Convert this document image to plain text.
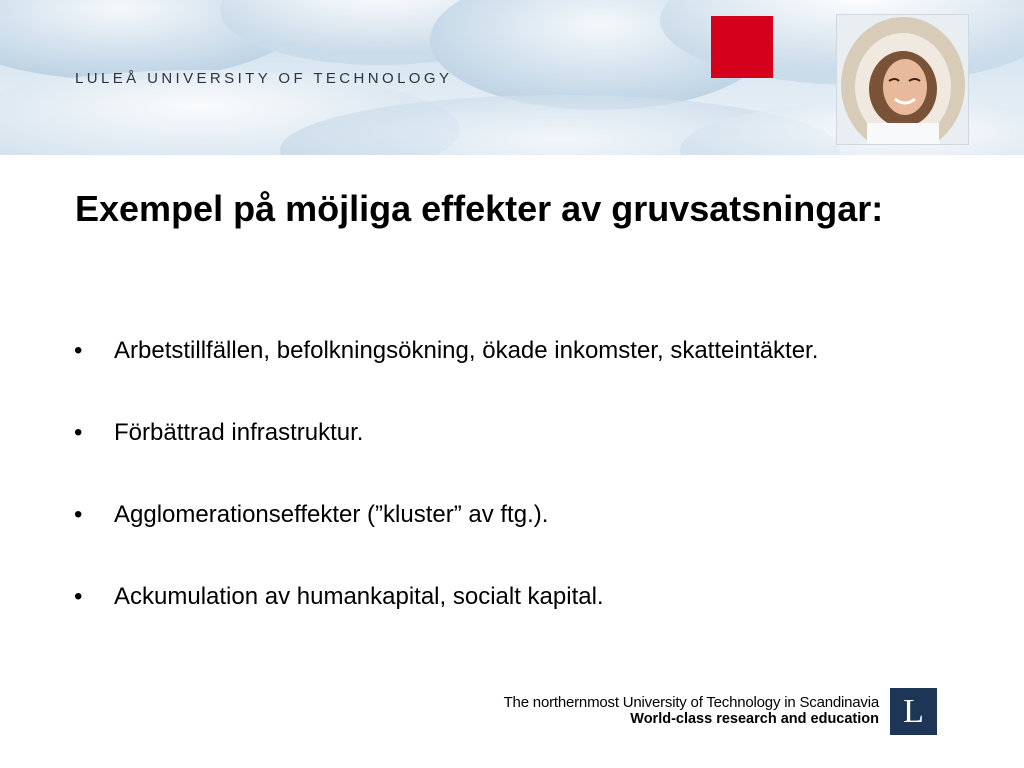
LULEÅ UNIVERSITY OF TECHNOLOGY
Exempel på möjliga effekter av gruvsatsningar:
•	Arbetstillfällen, befolkningsökning, ökade inkomster, skatteintäkter.
•	Förbättrad infrastruktur.
•	Agglomerationseffekter (”kluster” av ftg.).
•	Ackumulation av humankapital, socialt kapital.
The northernmost University of Technology in Scandinavia
World-class research and education L
